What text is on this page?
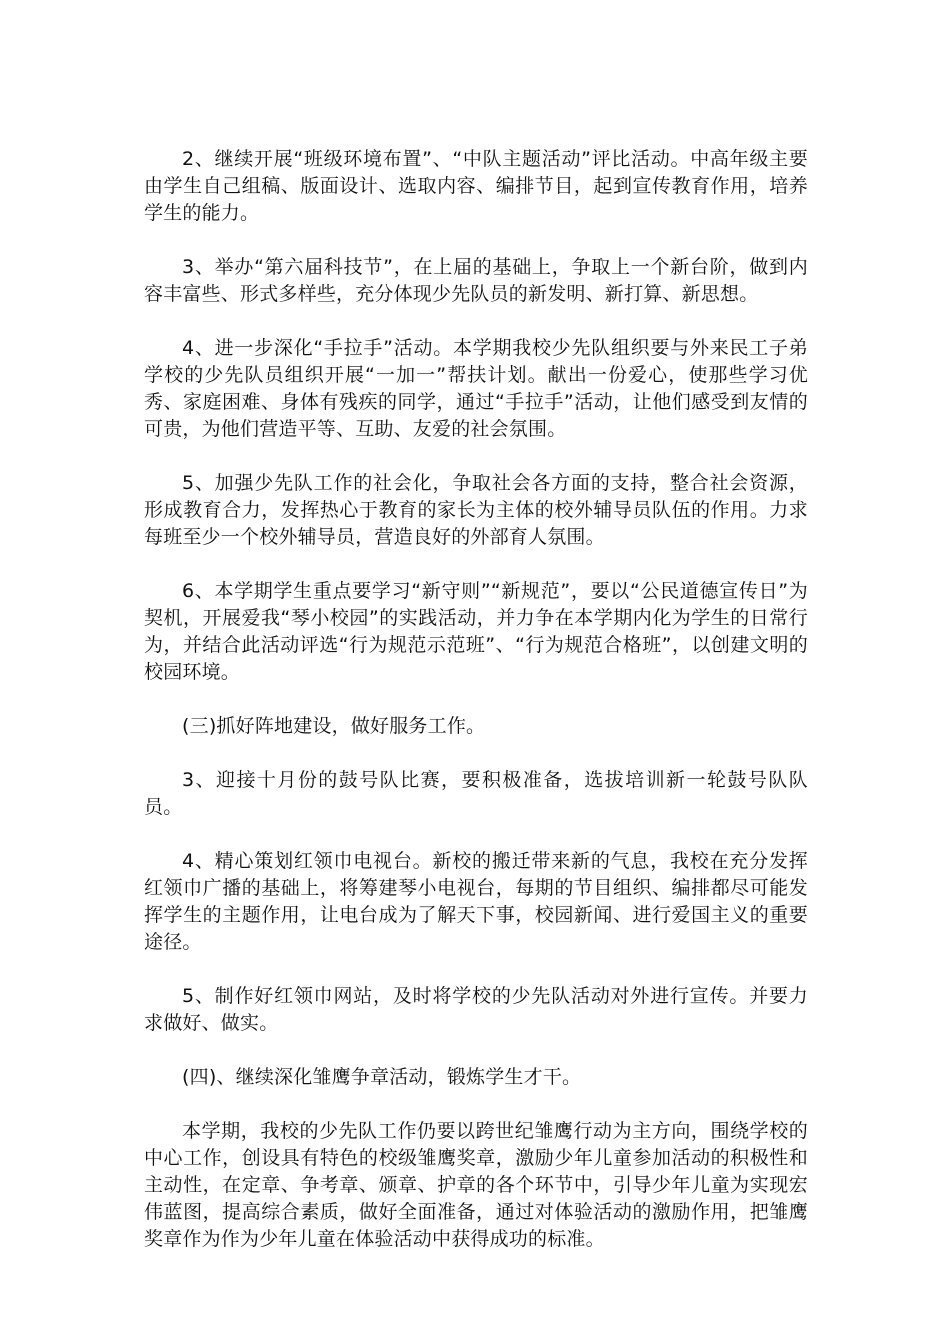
2、继续开展“班级环境布置”、“中队主题活动”评比活动。中高年级主要由学生自己组稿、版面设计、选取内容、编排节目，起到宣传教育作用，培养学生的能力。

3、举办“第六届科技节”，在上届的基础上，争取上一个新台阶，做到内容丰富些、形式多样些，充分体现少先队员的新发明、新打算、新思想。

4、进一步深化“手拉手”活动。本学期我校少先队组织要与外来民工子弟学校的少先队员组织开展“一加一”帮扶计划。献出一份爱心，使那些学习优秀、家庭困难、身体有残疾的同学，通过“手拉手”活动，让他们感受到友情的可贵，为他们营造平等、互助、友爱的社会氛围。

5、加强少先队工作的社会化，争取社会各方面的支持，整合社会资源，形成教育合力，发挥热心于教育的家长为主体的校外辅导员队伍的作用。力求每班至少一个校外辅导员，营造良好的外部育人氛围。

6、本学期学生重点要学习“新守则”“新规范”，要以“公民道德宣传日”为契机，开展爱我“琴小校园”的实践活动，并力争在本学期内化为学生的日常行为，并结合此活动评选“行为规范示范班”、“行为规范合格班”，以创建文明的校园环境。

(三)抓好阵地建设，做好服务工作。

3、迎接十月份的鼓号队比赛，要积极准备，选拔培训新一轮鼓号队队员。

4、精心策划红领巾电视台。新校的搬迁带来新的气息，我校在充分发挥红领巾广播的基础上，将筹建琴小电视台，每期的节目组织、编排都尽可能发挥学生的主题作用，让电台成为了解天下事，校园新闻、进行爱国主义的重要途径。

5、制作好红领巾网站，及时将学校的少先队活动对外进行宣传。并要力求做好、做实。

(四)、继续深化雏鹰争章活动，锻炼学生才干。

本学期，我校的少先队工作仍要以跨世纪雏鹰行动为主方向，围绕学校的中心工作，创设具有特色的校级雏鹰奖章，激励少年儿童参加活动的积极性和主动性，在定章、争考章、颁章、护章的各个环节中，引导少年儿童为实现宏伟蓝图，提高综合素质，做好全面准备，通过对体验活动的激励作用，把雏鹰奖章作为作为少年儿童在体验活动中获得成功的标准。
